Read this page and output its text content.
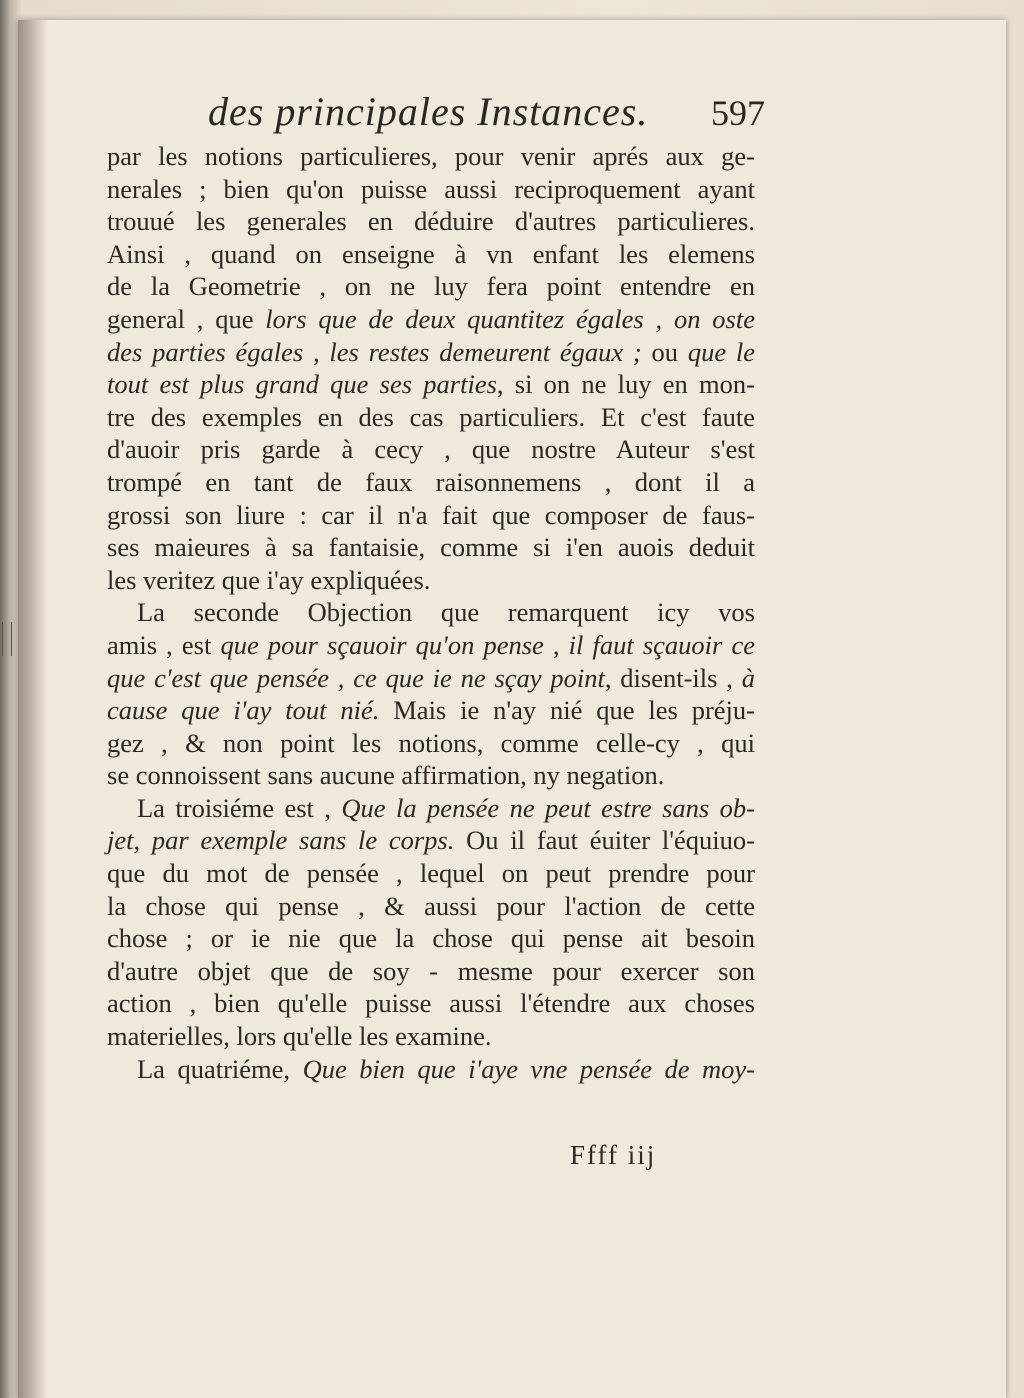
des principales Instances. 597
par les notions particulieres, pour venir aprés aux ge-
nerales ; bien qu'on puisse aussi reciproquement ayant
trouué les generales en déduire d'autres particulieres.
Ainsi , quand on enseigne à vn enfant les elemens
de la Geometrie , on ne luy fera point entendre en
general , que lors que de deux quantitez égales , on oste
des parties égales , les restes demeurent égaux ; ou que le
tout est plus grand que ses parties, si on ne luy en mon-
tre des exemples en des cas particuliers. Et c'est faute
d'auoir pris garde à cecy , que nostre Auteur s'est
trompé en tant de faux raisonnemens , dont il a
grossi son liure : car il n'a fait que composer de faus-
ses maieures à sa fantaisie, comme si i'en auois deduit
les veritez que i'ay expliquées.
La seconde Objection que remarquent icy vos
amis , est que pour sçauoir qu'on pense , il faut sçauoir ce
que c'est que pensée , ce que ie ne sçay point, disent-ils , à
cause que i'ay tout nié. Mais ie n'ay nié que les préju-
gez , & non point les notions, comme celle-cy , qui
se connoissent sans aucune affirmation, ny negation.
La troisiéme est , Que la pensée ne peut estre sans ob-
jet, par exemple sans le corps. Ou il faut éuiter l'équiuo-
que du mot de pensée , lequel on peut prendre pour
la chose qui pense , & aussi pour l'action de cette
chose ; or ie nie que la chose qui pense ait besoin
d'autre objet que de soy - mesme pour exercer son
action , bien qu'elle puisse aussi l'étendre aux choses
materielles, lors qu'elle les examine.
La quatriéme, Que bien que i'aye vne pensée de moy-
Ffff iij
